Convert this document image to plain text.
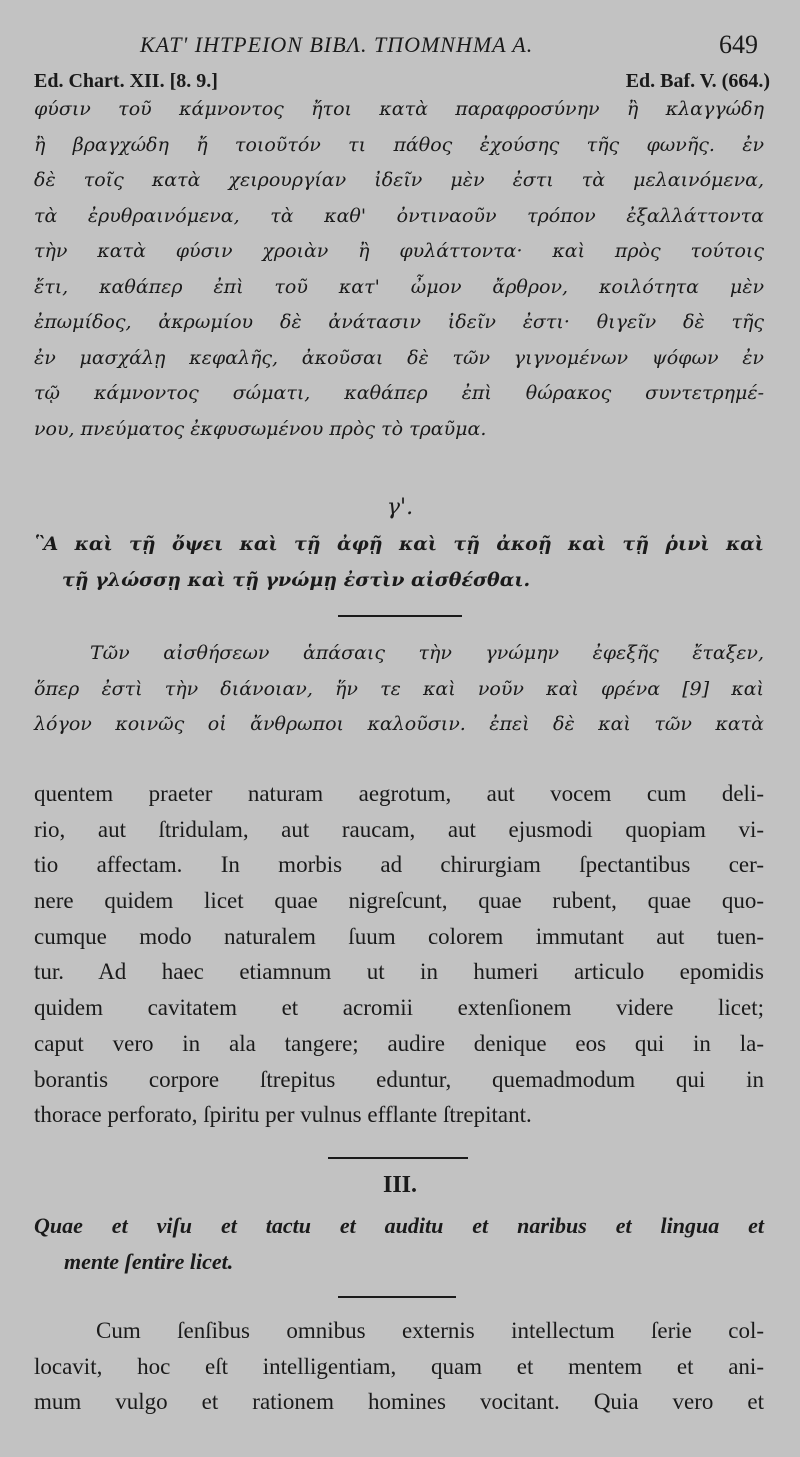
ΚΑΤ' ΙΗΤΡΕΙΟΝ ΒΙΒΛ. ΤΠΟΜΝΗΜΑ Α.	649
Ed. Chart. XII. [8. 9.]	Ed. Baf. V. (664.)
φύσιν τοῦ κάμνοντος ἤτοι κατὰ παραφροσύνην ἢ κλαγγώδη
ἢ βραγχώδη ἤ τοιοῦτόν τι πάθος ἐχούσης τῆς φωνῆς. ἐν
δὲ τοῖς κατὰ χειρουργίαν ἰδεῖν μὲν ἐστι τὰ μελαινόμενα,
τὰ ἐρυθραινόμενα, τὰ καθ' ὀντιναοῦν τρόπον ἐξαλλάττοντα
τὴν κατὰ φύσιν χροιὰν ἢ φυλάττοντα· καὶ πρὸς τούτοις
ἔτι, καθάπερ ἐπὶ τοῦ κατ' ὦμον ἄρθρον, κοιλότητα μὲν
ἐπωμίδος, ἀκρωμίου δὲ ἀνάτασιν ἰδεῖν ἐστι· θιγεῖν δὲ τῆς
ἐν μασχάλῃ κεφαλῆς, ἀκοῦσαι δὲ τῶν γιγνομένων ψόφων ἐν
τῷ κάμνοντος σώματι, καθάπερ ἐπὶ θώρακος συντετρημέ-
νου, πνεύματος ἐκφυσωμένου πρὸς τὸ τραῦμα.
γ'.
῝Α καὶ τῇ ὄψει καὶ τῇ ἀφῇ καὶ τῇ ἀκοῇ καὶ τῇ ῥινὶ καὶ
τῇ γλώσσῃ καὶ τῇ γνώμῃ ἐστὶν αἰσθέσθαι.
Τῶν αἰσθήσεων ἁπάσαις τὴν γνώμην ἐφεξῆς ἔταξεν,
ὅπερ ἐστὶ τὴν διάνοιαν, ἥν τε καὶ νοῦν καὶ φρένα [9] καὶ
λόγον κοινῶς οἱ ἄνθρωποι καλοῦσιν. ἐπεὶ δὲ καὶ τῶν κατὰ
quentem praeter naturam aegrotum, aut vocem cum deli-
rio, aut ſtridulam, aut raucam, aut ejusmodi quopiam vi-
tio affectam. In morbis ad chirurgiam ſpectantibus cer-
nere quidem licet quae nigreſcunt, quae rubent, quae quo-
cumque modo naturalem ſuum colorem immutant aut tuen-
tur. Ad haec etiamnum ut in humeri articulo epomidis
quidem cavitatem et acromii extenſionem videre licet;
caput vero in ala tangere; audire denique eos qui in la-
borantis corpore ſtrepitus eduntur, quemadmodum qui in
thorace perforato, ſpiritu per vulnus efflante ſtrepitant.
III.
Quae et viſu et tactu et auditu et naribus et lingua et
mente ſentire licet.
Cum ſenſibus omnibus externis intellectum ſerie col-
locavit, hoc eſt intelligentiam, quam et mentem et ani-
mum vulgo et rationem homines vocitant. Quia vero et
